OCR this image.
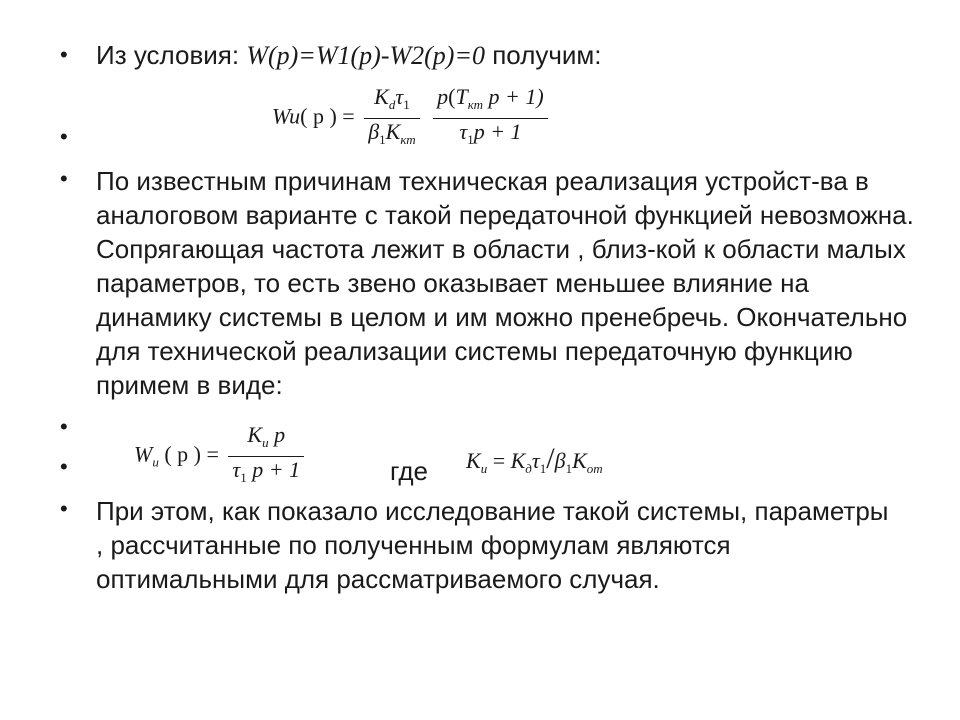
•
•
•
•
•
•

Из условия: W(p)=W1(p)-W2(p)=0 получим:

Wu( p ) = $\frac{K_d\tau_1}{\beta_1K_{кт}}$
$\frac{p(T_{кт} p + 1)}{\tau_1p + 1}$

По известным причинам техническая реализация устройст-ва в аналоговом варианте с такой передаточной функцией невозможна. Сопрягающая частота лежит в области , близ-кой к области малых параметров, то есть звено оказывает меньшее влияние на динамику системы в целом и им можно пренебречь. Окончательно для технической реализации системы передаточную функцию примем в виде:

$W_и$ ( p ) = $\frac{K_и p}{\tau_1 p + 1}$	где $K_и = K_д\tau_1/\beta_1K_{от}$

При этом, как показало исследование такой системы, параметры , рассчитанные по полученным формулам являются оптимальными для рассматриваемого случая.
